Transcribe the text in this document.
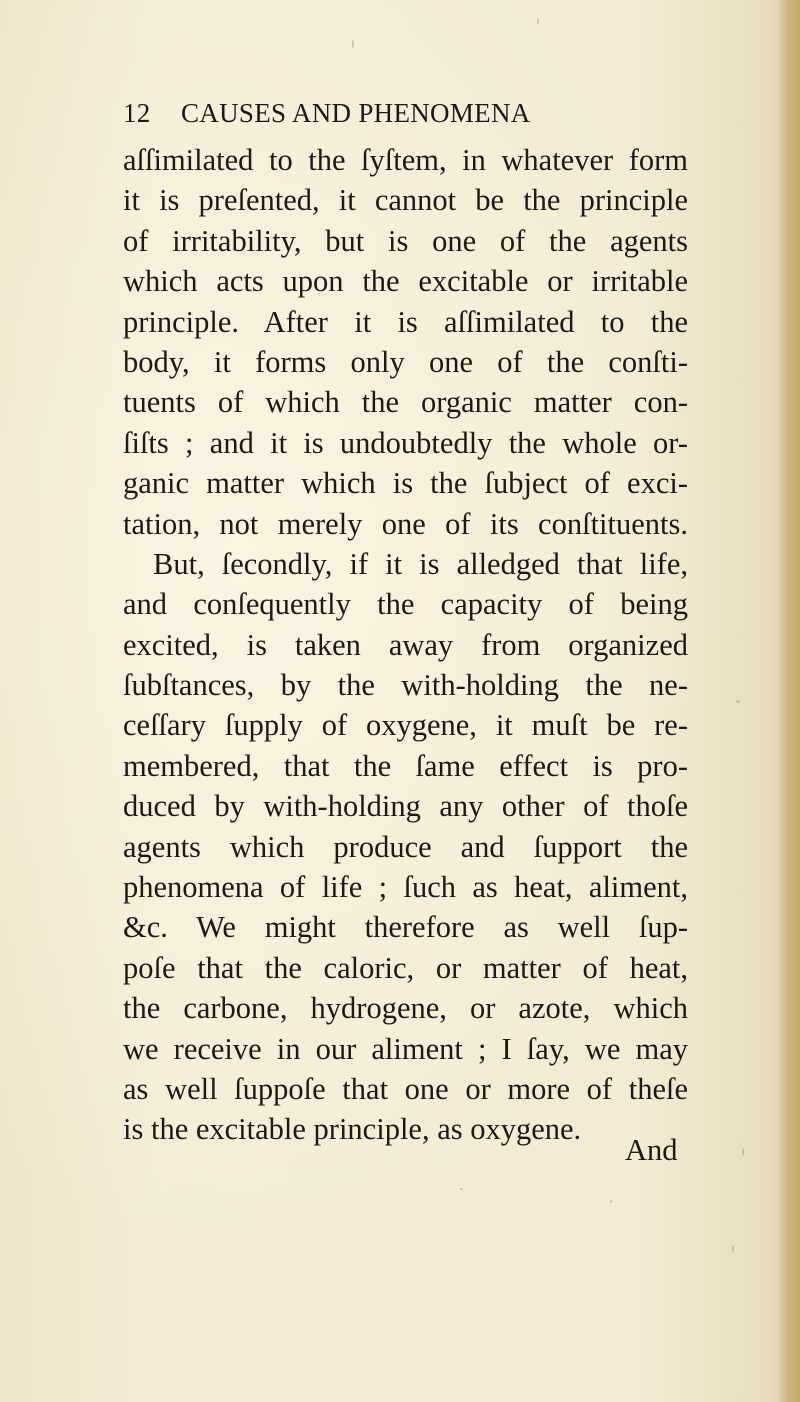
12 CAUSES AND PHENOMENA
aſſimilated to the ſyſtem, in whatever form
it is preſented, it cannot be the principle
of irritability, but is one of the agents
which acts upon the excitable or irritable
principle. After it is aſſimilated to the
body, it forms only one of the conſti-
tuents of which the organic matter con-
ſiſts ; and it is undoubtedly the whole or-
ganic matter which is the ſubject of exci-
tation, not merely one of its conſtituents.
But, ſecondly, if it is alledged that life,
and conſequently the capacity of being
excited, is taken away from organized
ſubſtances, by the with-holding the ne-
ceſſary ſupply of oxygene, it muſt be re-
membered, that the ſame effect is pro-
duced by with-holding any other of thoſe
agents which produce and ſupport the
phenomena of life ; ſuch as heat, aliment,
&c. We might therefore as well ſup-
poſe that the caloric, or matter of heat,
the carbone, hydrogene, or azote, which
we receive in our aliment ; I ſay, we may
as well ſuppoſe that one or more of theſe
is the excitable principle, as oxygene.
And
